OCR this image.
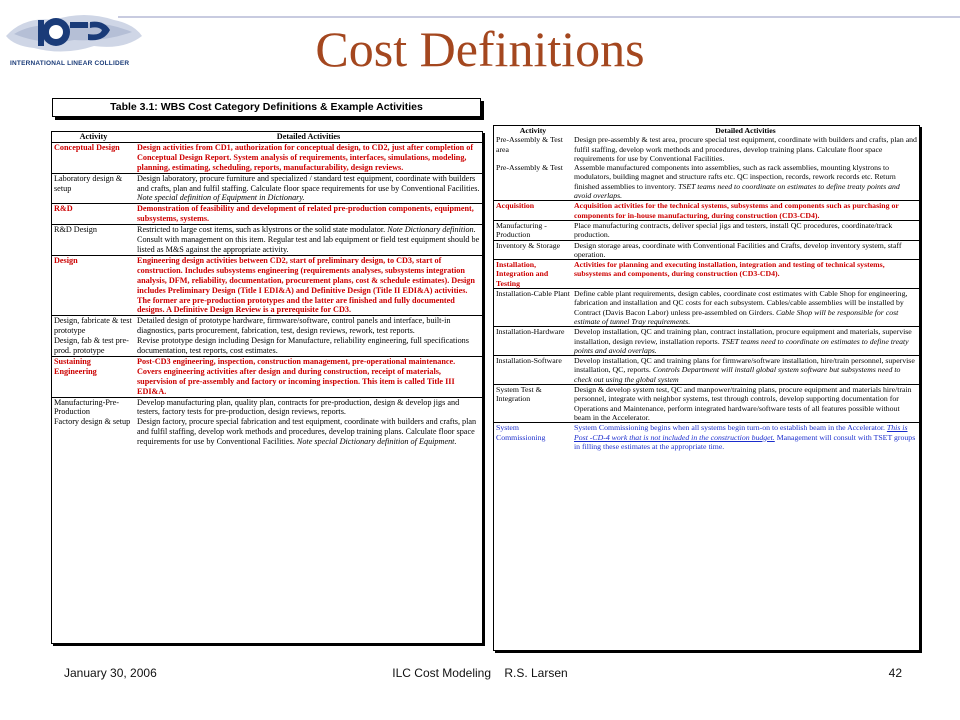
INTERNATIONAL LINEAR COLLIDER	Cost Definitions
Table 3.1: WBS Cost Category Definitions & Example Activities
Activity	Detailed Activities
Conceptual Design	Design activities from CD1, authorization for conceptual design, to CD2, just after completion of Conceptual Design Report. System analysis of requirements, interfaces, simulations, modeling, planning, estimating, scheduling, reports, manufacturability, design reviews.
Laboratory design & setup	Design laboratory, procure furniture and specialized / standard test equipment, coordinate with builders and crafts, plan and fulfil staffing. Calculate floor space requirements for use by Conventional Facilities. Note special definition of Equipment in Dictionary.
R&D	Demonstration of feasibility and development of related pre-production components, equipment, subsystems, systems.
R&D Design	Restricted to large cost items, such as klystrons or the solid state modulator. Note Dictionary definition. Consult with management on this item. Regular test and lab equipment or field test equipment should be listed as M&S against the appropriate activity.
Design	Engineering design activities between CD2, start of preliminary design, to CD3, start of construction. Includes subsystems engineering (requirements analyses, subsystems integration analysis, DFM, reliability, documentation, procurement plans, cost & schedule estimates). Design includes Preliminary Design (Title I EDI&A) and Definitive Design (Title II EDI&A) activities. The former are pre-production prototypes and the latter are finished and fully documented designs. A Definitive Design Review is a prerequisite for CD3.
Design, fabricate & test prototype	Detailed design of prototype hardware, firmware/software, control panels and interface, built-in diagnostics, parts procurement, fabrication, test, design reviews, rework, test reports.
Design, fab & test pre-prod. prototype	Revise prototype design including Design for Manufacture, reliability engineering, full specifications documentation, test reports, cost estimates.
Sustaining Engineering	Post-CD3 engineering, inspection, construction management, pre-operational maintenance. Covers engineering activities after design and during construction, receipt of materials, supervision of pre-assembly and factory or incoming inspection. This item is called Title III EDI&A.
Manufacturing-Pre-Production	Develop manufacturing plan, quality plan, contracts for pre-production, design & develop jigs and testers, factory tests for pre-production, design reviews, reports.
Factory design & setup	Design factory, procure special fabrication and test equipment, coordinate with builders and crafts, plan and fulfil staffing, develop work methods and procedures, develop training plans. Calculate floor space requirements for use by Conventional Facilities. Note special Dictionary definition of Equipment.
Activity	Detailed Activities
Pre-Assembly & Test area	Design pre-assembly & test area, procure special test equipment, coordinate with builders and crafts, plan and fulfil staffing, develop work methods and procedures, develop training plans. Calculate floor space requirements for use by Conventional Facilities.
Pre-Assembly & Test	Assemble manufactured components into assemblies, such as rack assemblies, mounting klystrons to modulators, building magnet and structure rafts etc. QC inspection, records, rework records etc. Return finished assemblies to inventory. TSET teams need to coordinate on estimates to define treaty points and avoid overlaps.
Acquisition	Acquisition activities for the technical systems, subsystems and components such as purchasing or components for in-house manufacturing, during construction (CD3-CD4).
Manufacturing - Production	Place manufacturing contracts, deliver special jigs and testers, install QC procedures, coordinate/track production.
Inventory & Storage	Design storage areas, coordinate with Conventional Facilities and Crafts, develop inventory system, staff operation.
Installation, Integration and Testing	Activities for planning and executing installation, integration and testing of technical systems, subsystems and components, during construction (CD3-CD4).
Installation-Cable Plant	Define cable plant requirements, design cables, coordinate cost estimates with Cable Shop for engineering, fabrication and installation and QC costs for each subsystem. Cables/cable assemblies will be installed by Contract (Davis Bacon Labor) unless pre-assembled on Girders. Cable Shop will be responsible for cost estimate of tunnel Tray requirements.
Installation-Hardware	Develop installation, QC and training plan, contract installation, procure equipment and materials, supervise installation, design review, installation reports. TSET teams need to coordinate on estimates to define treaty points and avoid overlaps.
Installation-Software	Develop installation, QC and training plans for firmware/software installation, hire/train personnel, supervise installation, QC, reports. Controls Department will install global system software but subsystems need to check out using the global system
System Test & Integration	Design & develop system test, QC and manpower/training plans, procure equipment and materials hire/train personnel, integrate with neighbor systems, test through controls, develop supporting documentation for Operations and Maintenance, perform integrated hardware/software tests of all features possible without beam in the Accelerator.
System Commissioning	System Commissioning begins when all systems begin turn-on to establish beam in the Accelerator. This is Post -CD-4 work that is not included in the construction budget. Management will consult with TSET groups in filling these estimates at the appropriate time.
January 30, 2006	ILC Cost Modeling    R.S. Larsen	42
